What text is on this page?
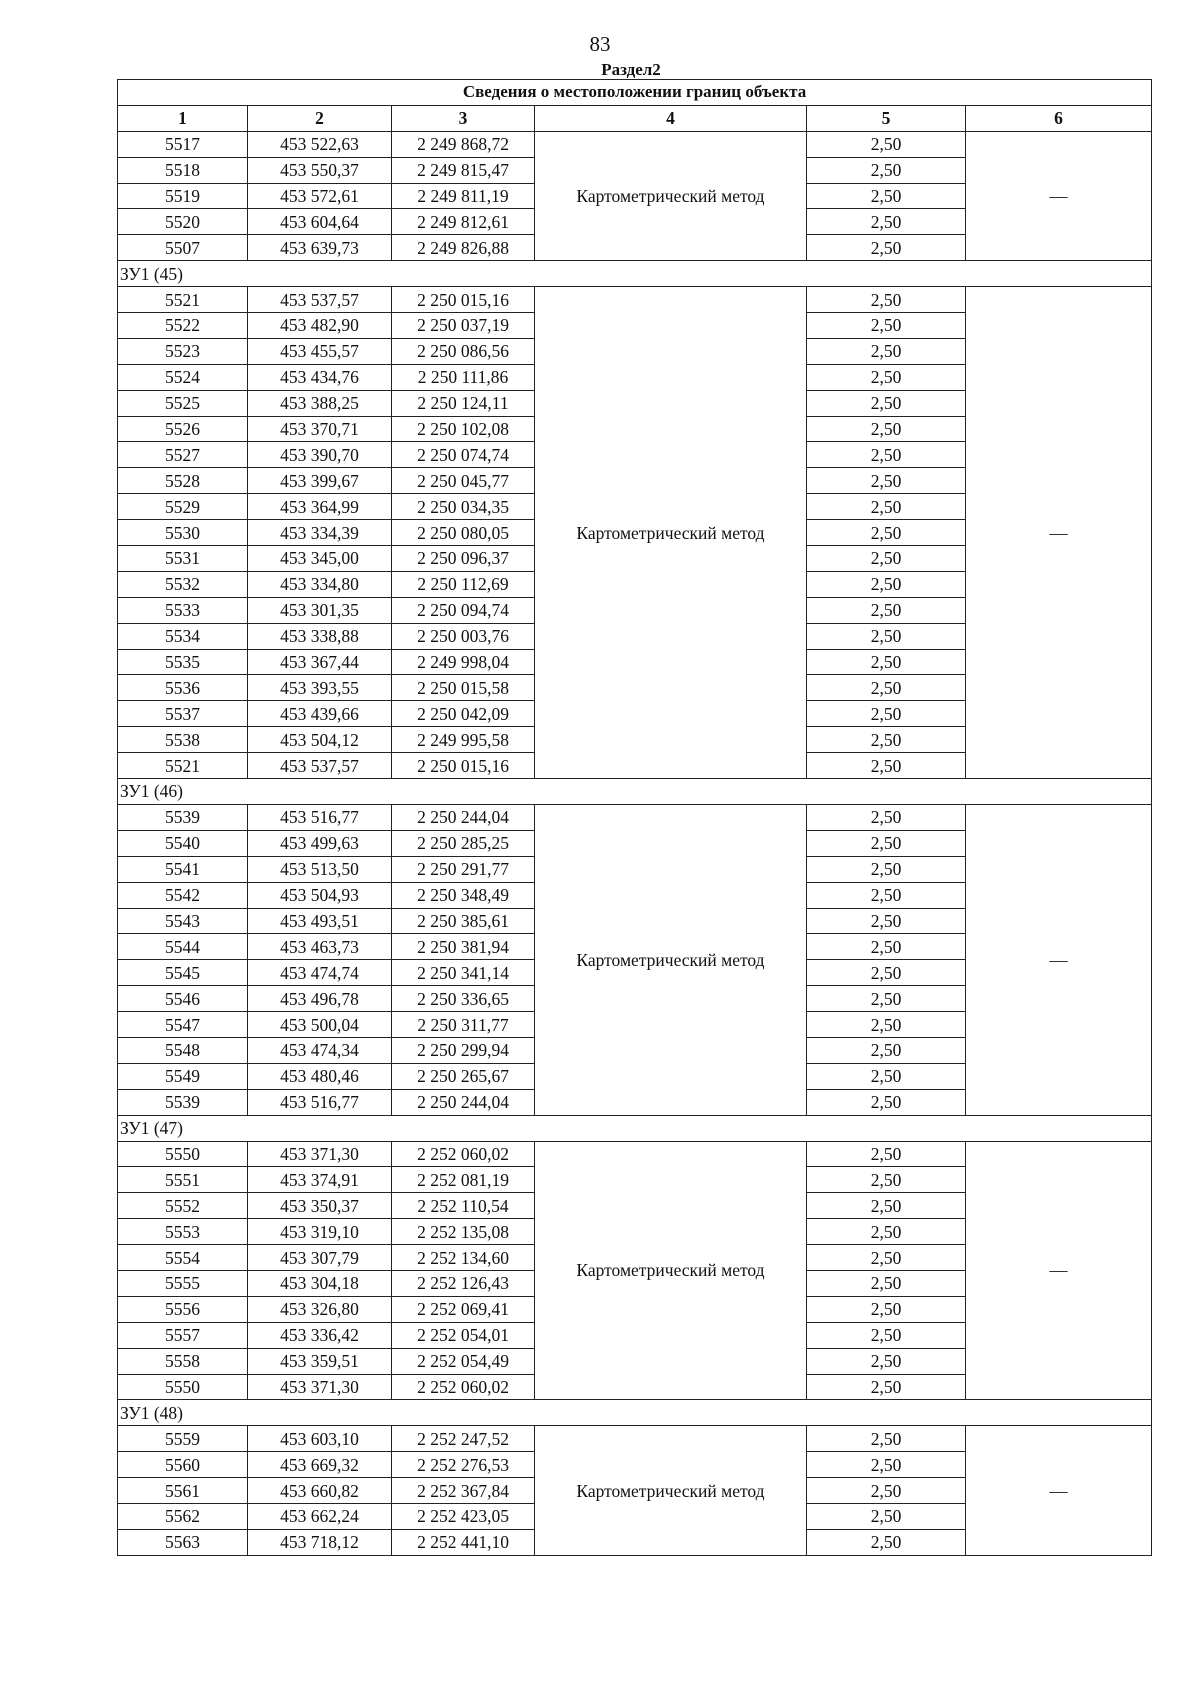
83
Раздел2
Сведения о местоположении границ объекта					
1	2	3	4	5	6
5517	453 522,63	2 249 868,72	Картометрический метод	2,50	—
5518	453 550,37	2 249 815,47		2,50	
5519	453 572,61	2 249 811,19		2,50	
5520	453 604,64	2 249 812,61		2,50	
5507	453 639,73	2 249 826,88		2,50	
ЗУ1 (45)					
5521	453 537,57	2 250 015,16	Картометрический метод	2,50	—
5522	453 482,90	2 250 037,19		2,50	
5523	453 455,57	2 250 086,56		2,50	
5524	453 434,76	2 250 111,86		2,50	
5525	453 388,25	2 250 124,11		2,50	
5526	453 370,71	2 250 102,08		2,50	
5527	453 390,70	2 250 074,74		2,50	
5528	453 399,67	2 250 045,77		2,50	
5529	453 364,99	2 250 034,35		2,50	
5530	453 334,39	2 250 080,05		2,50	
5531	453 345,00	2 250 096,37		2,50	
5532	453 334,80	2 250 112,69		2,50	
5533	453 301,35	2 250 094,74		2,50	
5534	453 338,88	2 250 003,76		2,50	
5535	453 367,44	2 249 998,04		2,50	
5536	453 393,55	2 250 015,58		2,50	
5537	453 439,66	2 250 042,09		2,50	
5538	453 504,12	2 249 995,58		2,50	
5521	453 537,57	2 250 015,16		2,50	
ЗУ1 (46)					
5539	453 516,77	2 250 244,04	Картометрический метод	2,50	—
5540	453 499,63	2 250 285,25		2,50	
5541	453 513,50	2 250 291,77		2,50	
5542	453 504,93	2 250 348,49		2,50	
5543	453 493,51	2 250 385,61		2,50	
5544	453 463,73	2 250 381,94		2,50	
5545	453 474,74	2 250 341,14		2,50	
5546	453 496,78	2 250 336,65		2,50	
5547	453 500,04	2 250 311,77		2,50	
5548	453 474,34	2 250 299,94		2,50	
5549	453 480,46	2 250 265,67		2,50	
5539	453 516,77	2 250 244,04		2,50	
ЗУ1 (47)					
5550	453 371,30	2 252 060,02	Картометрический метод	2,50	—
5551	453 374,91	2 252 081,19		2,50	
5552	453 350,37	2 252 110,54		2,50	
5553	453 319,10	2 252 135,08		2,50	
5554	453 307,79	2 252 134,60		2,50	
5555	453 304,18	2 252 126,43		2,50	
5556	453 326,80	2 252 069,41		2,50	
5557	453 336,42	2 252 054,01		2,50	
5558	453 359,51	2 252 054,49		2,50	
5550	453 371,30	2 252 060,02		2,50	
ЗУ1 (48)					
5559	453 603,10	2 252 247,52	Картометрический метод	2,50	—
5560	453 669,32	2 252 276,53		2,50	
5561	453 660,82	2 252 367,84		2,50	
5562	453 662,24	2 252 423,05		2,50	
5563	453 718,12	2 252 441,10		2,50	
